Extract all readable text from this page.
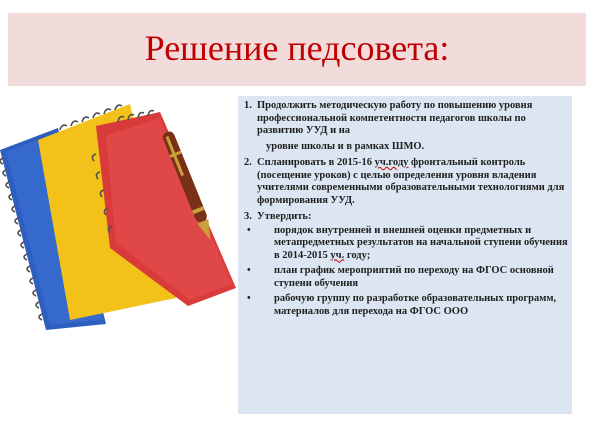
Решение педсовета:
1. Продолжить методическую работу по повышению уровня профессиональной компетентности педагогов школы по развитию УУД и на
уровне школы и в рамках ШМО.
2. Спланировать в 2015-16 уч.году фронтальный контроль (посещение уроков) с целью определения уровня владения учителями современными образовательными технологиями для формирования УУД.
3. Утвердить:
• порядок внутренней и внешней оценки предметных и метапредметных результатов на начальной ступени обучения в 2014-2015 уч. году;
• план график мероприятий по переходу на ФГОС основной ступени обучения
• рабочую группу по разработке образовательных программ, материалов для перехода на ФГОС ООО
